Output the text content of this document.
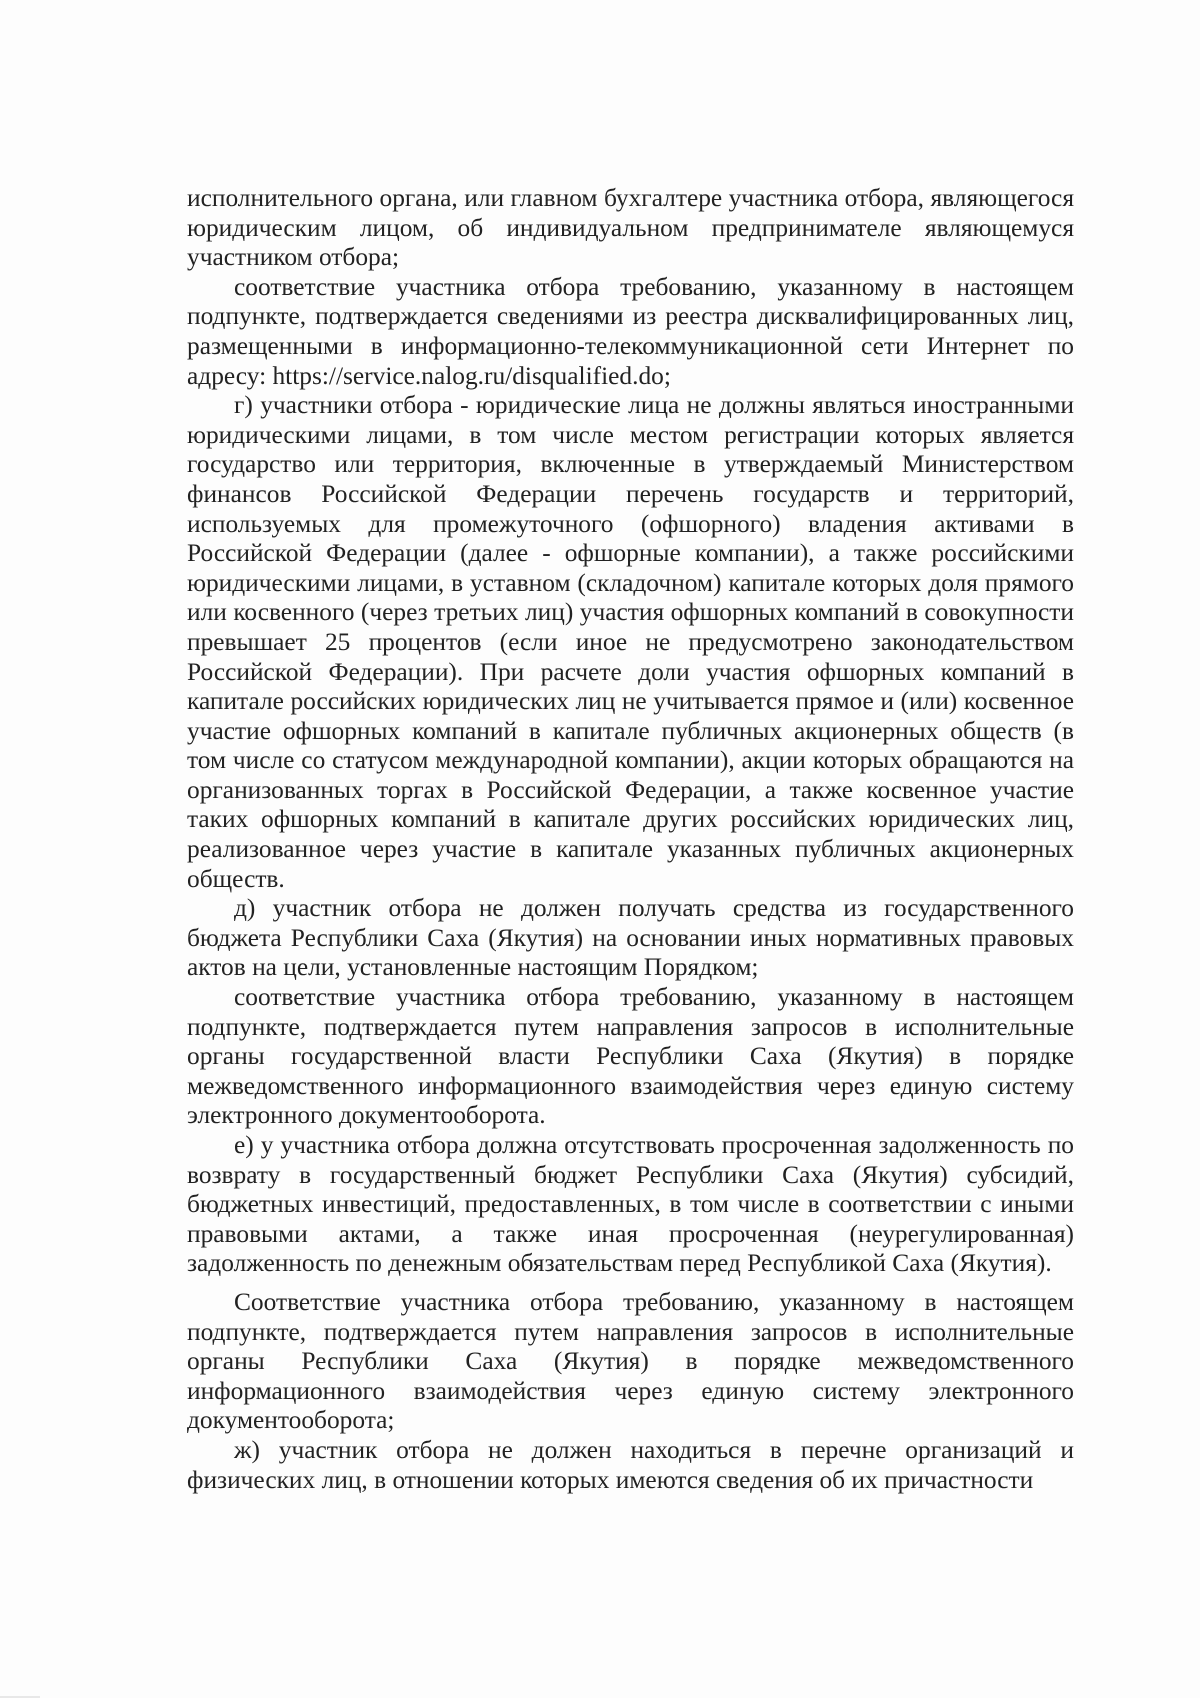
исполнительного органа, или главном бухгалтере участника отбора, являющегося юридическим лицом, об индивидуальном предпринимателе являющемуся участником отбора;

соответствие участника отбора требованию, указанному в настоящем подпункте, подтверждается сведениями из реестра дисквалифицированных лиц, размещенными в информационно-телекоммуникационной сети Интернет по адресу: https://service.nalog.ru/disqualified.do;

г) участники отбора - юридические лица не должны являться иностранными юридическими лицами, в том числе местом регистрации которых является государство или территория, включенные в утверждаемый Министерством финансов Российской Федерации перечень государств и территорий, используемых для промежуточного (офшорного) владения активами в Российской Федерации (далее - офшорные компании), а также российскими юридическими лицами, в уставном (складочном) капитале которых доля прямого или косвенного (через третьих лиц) участия офшорных компаний в совокупности превышает 25 процентов (если иное не предусмотрено законодательством Российской Федерации). При расчете доли участия офшорных компаний в капитале российских юридических лиц не учитывается прямое и (или) косвенное участие офшорных компаний в капитале публичных акционерных обществ (в том числе со статусом международной компании), акции которых обращаются на организованных торгах в Российской Федерации, а также косвенное участие таких офшорных компаний в капитале других российских юридических лиц, реализованное через участие в капитале указанных публичных акционерных обществ.

д) участник отбора не должен получать средства из государственного бюджета Республики Саха (Якутия) на основании иных нормативных правовых актов на цели, установленные настоящим Порядком;

соответствие участника отбора требованию, указанному в настоящем подпункте, подтверждается путем направления запросов в исполнительные органы государственной власти Республики Саха (Якутия) в порядке межведомственного информационного взаимодействия через единую систему электронного документооборота.

е) у участника отбора должна отсутствовать просроченная задолженность по возврату в государственный бюджет Республики Саха (Якутия) субсидий, бюджетных инвестиций, предоставленных, в том числе в соответствии с иными правовыми актами, а также иная просроченная (неурегулированная) задолженность по денежным обязательствам перед Республикой Саха (Якутия).

Соответствие участника отбора требованию, указанному в настоящем подпункте, подтверждается путем направления запросов в исполнительные органы Республики Саха (Якутия) в порядке межведомственного информационного взаимодействия через единую систему электронного документооборота;

ж) участник отбора не должен находиться в перечне организаций и физических лиц, в отношении которых имеются сведения об их причастности
